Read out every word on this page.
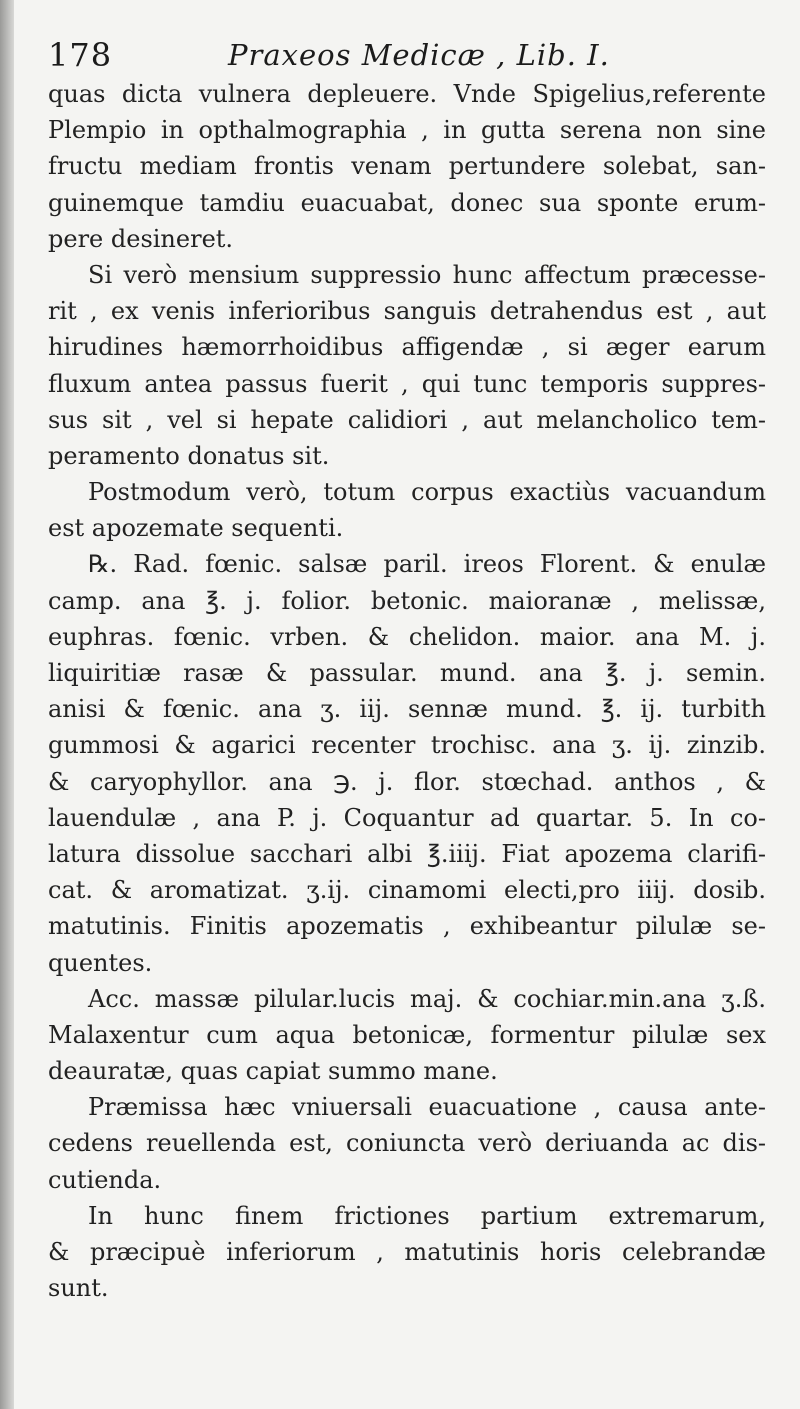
178	Praxeos Medicæ , Lib. I.
quas dicta vulnera depleuere. Vnde Spigelius,referente
Plempio in opthalmographia , in gutta serena non sine
fructu mediam frontis venam pertundere solebat, san-
guinemque tamdiu euacuabat, donec sua sponte erum-
pere desineret.
Si verò mensium suppressio hunc affectum præcesse-
rit , ex venis inferioribus sanguis detrahendus est , aut
hirudines hæmorrhoidibus affigendæ , si æger earum
fluxum antea passus fuerit , qui tunc temporis suppres-
sus sit , vel si hepate calidiori , aut melancholico tem-
peramento donatus sit.
Postmodum verò, totum corpus exactiùs vacuandum
est apozemate sequenti.
℞. Rad. fœnic. salsæ paril. ireos Florent. & enulæ
camp. ana ℥. j. folior. betonic. maioranæ , melissæ,
euphras. fœnic. vrben. & chelidon. maior. ana M. j.
liquiritiæ rasæ & passular. mund. ana ℥. j. semin.
anisi & fœnic. ana ʒ. iij. sennæ mund. ℥. ij. turbith
gummosi & agarici recenter trochisc. ana ʒ. ij. zinzib.
& caryophyllor. ana ℈. j. flor. stœchad. anthos , &
lauendulæ , ana P. j. Coquantur ad quartar. 5. In co-
latura dissolue sacchari albi ℥.iiij. Fiat apozema clarifi-
cat. & aromatizat. ʒ.ij. cinamomi electi,pro iiij. dosib.
matutinis. Finitis apozematis , exhibeantur pilulæ se-
quentes.
Acc. massæ pilular.lucis maj. & cochiar.min.ana ʒ.ß.
Malaxentur cum aqua betonicæ, formentur pilulæ sex
deauratæ, quas capiat summo mane.
Præmissa hæc vniuersali euacuatione , causa ante-
cedens reuellenda est, coniuncta verò deriuanda ac dis-
cutienda.
In hunc finem frictiones partium extremarum,
& præcipuè inferiorum , matutinis horis celebrandæ
sunt.
